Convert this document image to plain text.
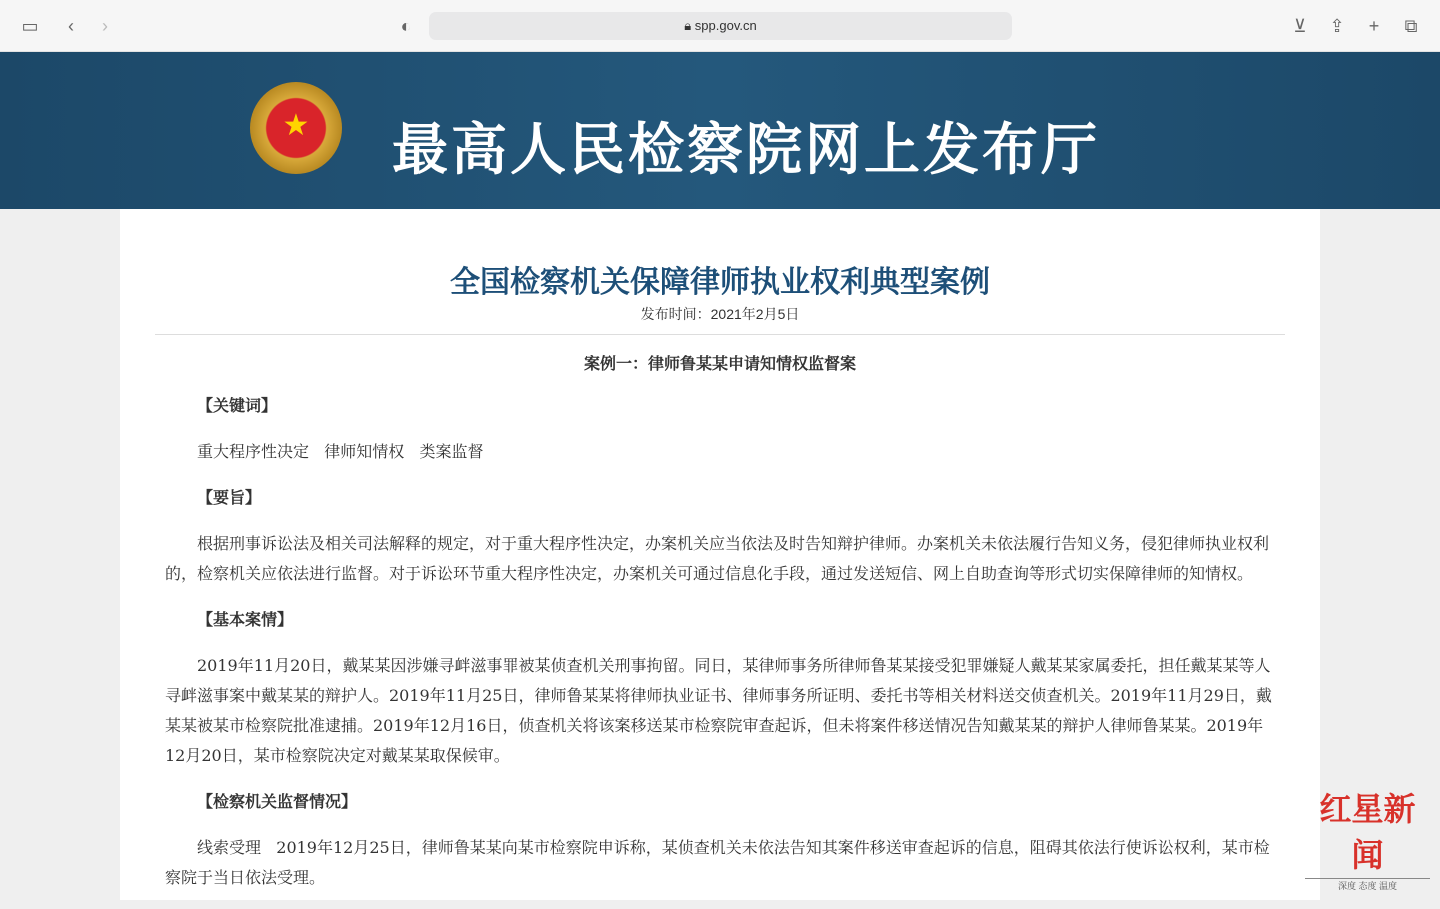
▭	‹	›	◐	🔒︎ spp.gov.cn	⊻	⇪	+	⧉
★	最高人民检察院网上发布厅
全国检察机关保障律师执业权利典型案例
发布时间：2021年2月5日
案例一：律师鲁某某申请知情权监督案
【关键词】

重大程序性决定   律师知情权   类案监督

【要旨】

根据刑事诉讼法及相关司法解释的规定，对于重大程序性决定，办案机关应当依法及时告知辩护律师。办案机关未依法履行告知义务，侵犯律师执业权利的，检察机关应依法进行监督。对于诉讼环节重大程序性决定，办案机关可通过信息化手段，通过发送短信、网上自助查询等形式切实保障律师的知情权。

【基本案情】

2019年11月20日，戴某某因涉嫌寻衅滋事罪被某侦查机关刑事拘留。同日，某律师事务所律师鲁某某接受犯罪嫌疑人戴某某家属委托，担任戴某某等人寻衅滋事案中戴某某的辩护人。2019年11月25日，律师鲁某某将律师执业证书、律师事务所证明、委托书等相关材料送交侦查机关。2019年11月29日，戴某某被某市检察院批准逮捕。2019年12月16日，侦查机关将该案移送某市检察院审查起诉，但未将案件移送情况告知戴某某的辩护人律师鲁某某。2019年12月20日，某市检察院决定对戴某某取保候审。

【检察机关监督情况】

线索受理   2019年12月25日，律师鲁某某向某市检察院申诉称，某侦查机关未依法告知其案件移送审查起诉的信息，阻碍其依法行使诉讼权利，某市检察院于当日依法受理。

红星新闻
深度 态度 温度
